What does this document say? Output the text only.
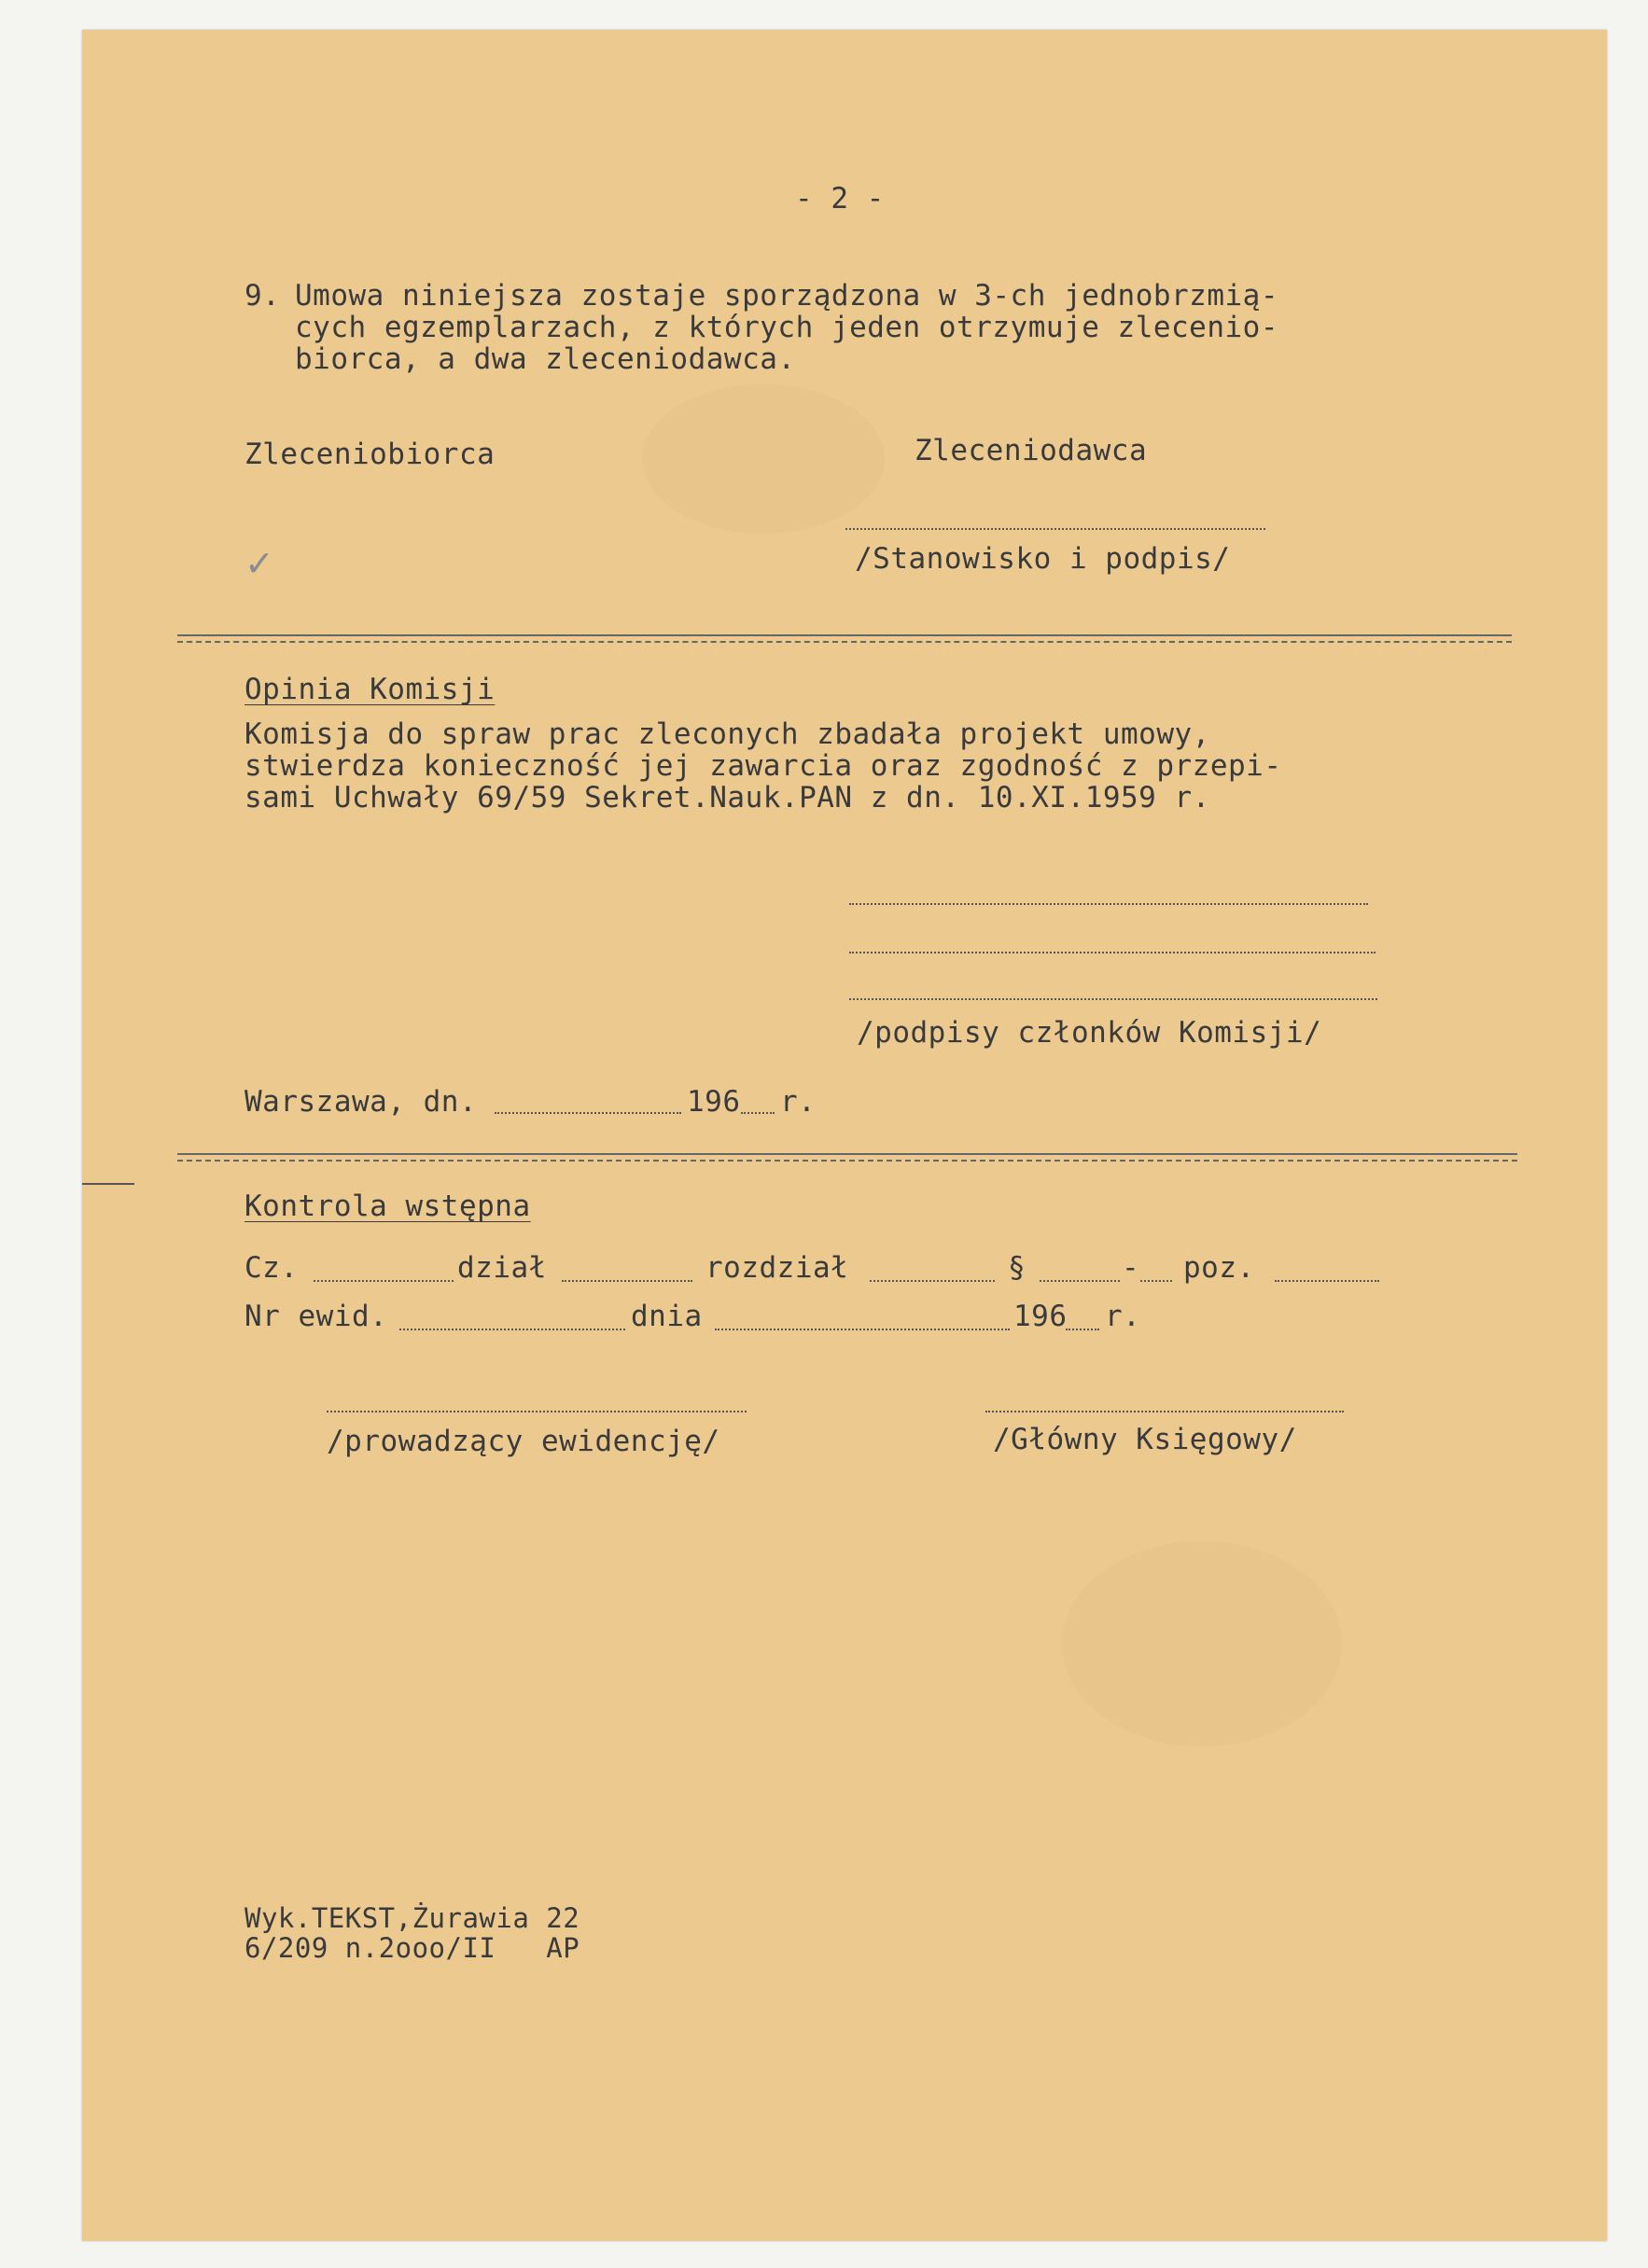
- 2 -
9. Umowa niniejsza zostaje sporządzona w 3-ch jednobrzmią-
cych egzemplarzach, z których jeden otrzymuje zlecenio-
biorca, a dwa zleceniodawca.
Zleceniobiorca	Zleceniodawca
✓	/Stanowisko i podpis/
Opinia Komisji
Komisja do spraw prac zleconych zbadała projekt umowy,
stwierdza konieczność jej zawarcia oraz zgodność z przepi-
sami Uchwały 69/59 Sekret.Nauk.PAN z dn. 10.XI.1959 r.
/podpisy członków Komisji/
Warszawa, dn.	196 r.
Kontrola wstępna
Cz.	dział	rozdział	§	- poz.
Nr ewid.	dnia	196 r.
/prowadzący ewidencję/	/Główny Księgowy/
Wyk.TEKST,Żurawia 22
6/209 n.2ooo/II   AP
